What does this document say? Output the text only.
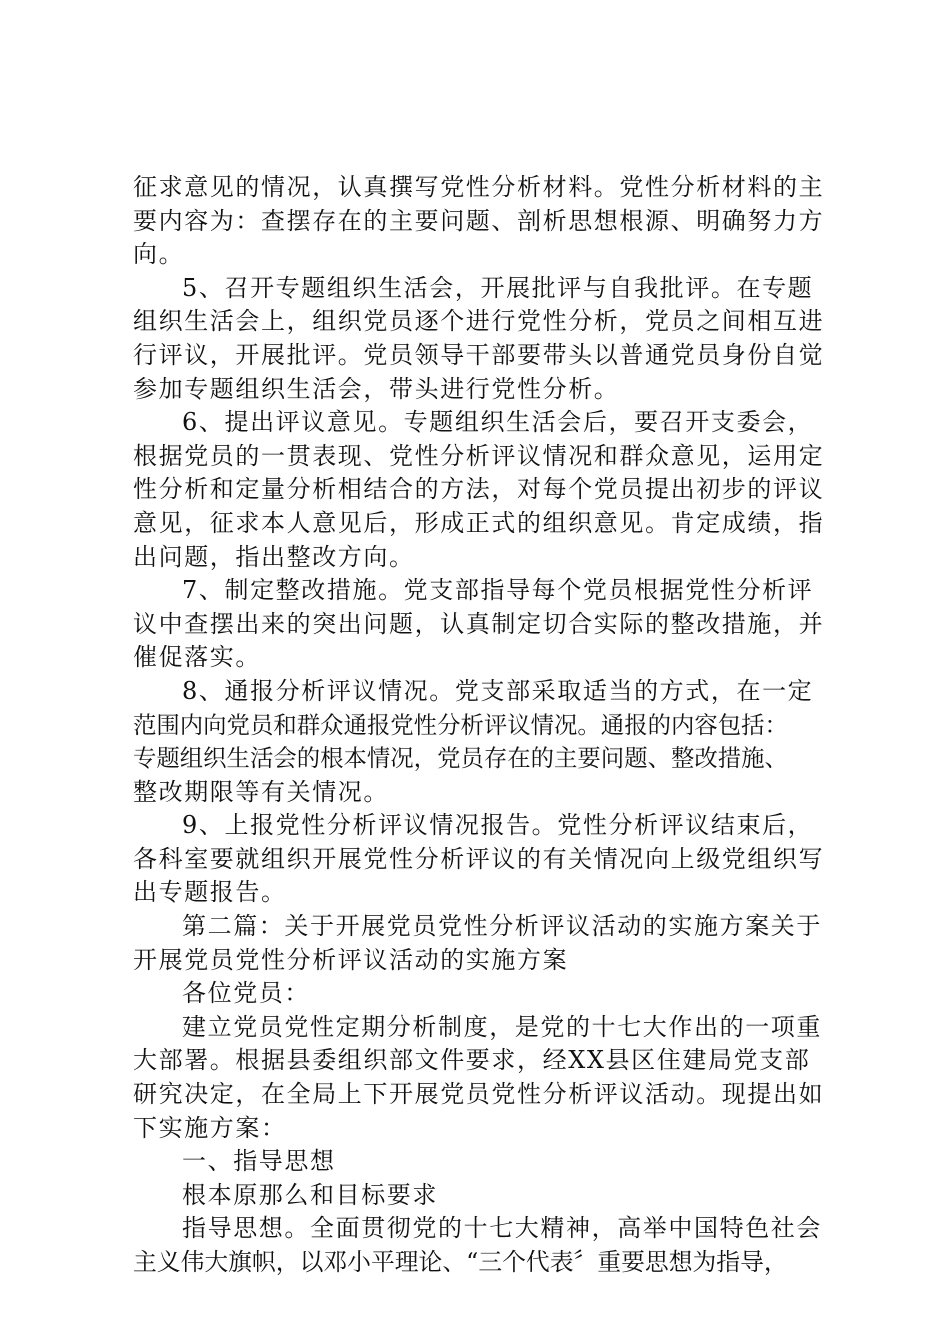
征求意见的情况，认真撰写党性分析材料。党性分析材料的主
要内容为：查摆存在的主要问题、剖析思想根源、明确努力方
向。
5、召开专题组织生活会，开展批评与自我批评。在专题
组织生活会上，组织党员逐个进行党性分析，党员之间相互进
行评议，开展批评。党员领导干部要带头以普通党员身份自觉
参加专题组织生活会，带头进行党性分析。
6、提出评议意见。专题组织生活会后，要召开支委会，
根据党员的一贯表现、党性分析评议情况和群众意见，运用定
性分析和定量分析相结合的方法，对每个党员提出初步的评议
意见，征求本人意见后，形成正式的组织意见。肯定成绩，指
出问题，指出整改方向。
7、制定整改措施。党支部指导每个党员根据党性分析评
议中查摆出来的突出问题，认真制定切合实际的整改措施，并
催促落实。
8、通报分析评议情况。党支部采取适当的方式，在一定
范围内向党员和群众通报党性分析评议情况。通报的内容包括：
专题组织生活会的根本情况，党员存在的主要问题、整改措施、
整改期限等有关情况。
9、上报党性分析评议情况报告。党性分析评议结束后，
各科室要就组织开展党性分析评议的有关情况向上级党组织写
出专题报告。
第二篇：关于开展党员党性分析评议活动的实施方案关于
开展党员党性分析评议活动的实施方案
各位党员：
建立党员党性定期分析制度，是党的十七大作出的一项重
大部署。根据县委组织部文件要求，经XX县区住建局党支部
研究决定，在全局上下开展党员党性分析评议活动。现提出如
下实施方案：
一、指导思想
根本原那么和目标要求
指导思想。全面贯彻党的十七大精神，高举中国特色社会
主义伟大旗帜，以邓小平理论、“三个代表〞重要思想为指导，
